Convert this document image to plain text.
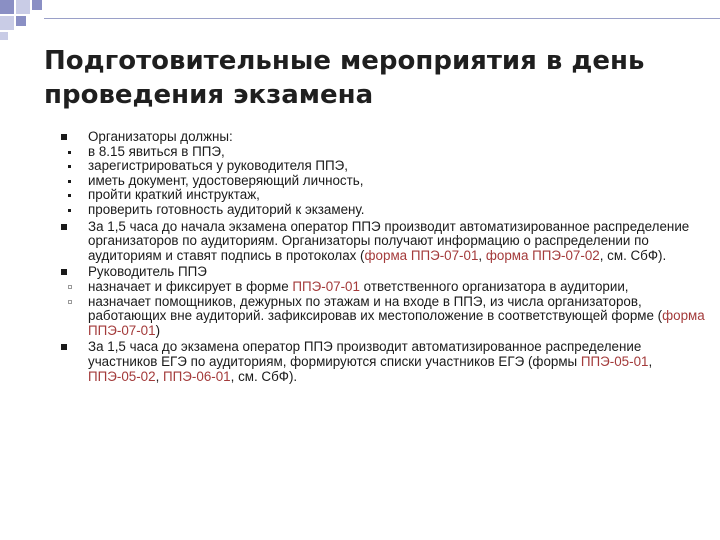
Подготовительные мероприятия в день проведения экзамена

Организаторы должны:

в 8.15 явиться в ППЭ,

зарегистрироваться у руководителя ППЭ,

иметь документ, удостоверяющий личность,

пройти краткий инструктаж,

проверить готовность аудиторий к экзамену.

За 1,5 часа до начала экзамена оператор ППЭ производит автоматизированное распределение организаторов по аудиториям. Организаторы получают информацию о распределении по аудиториям и ставят подпись в протоколах (форма ППЭ-07-01, форма ППЭ-07-02, см. СбФ).

Руководитель ППЭ

назначает и фиксирует в форме ППЭ-07-01 ответственного организатора в аудитории,

назначает помощников, дежурных по этажам и на входе в ППЭ, из числа организаторов, работающих вне аудиторий. зафиксировав их местоположение в соответствующей форме (форма ППЭ-07-01)

За 1,5 часа до экзамена оператор ППЭ производит автоматизированное распределение участников ЕГЭ по аудиториям, формируются списки участников ЕГЭ (формы ППЭ-05-01, ППЭ-05-02, ППЭ-06-01, см. СбФ).
